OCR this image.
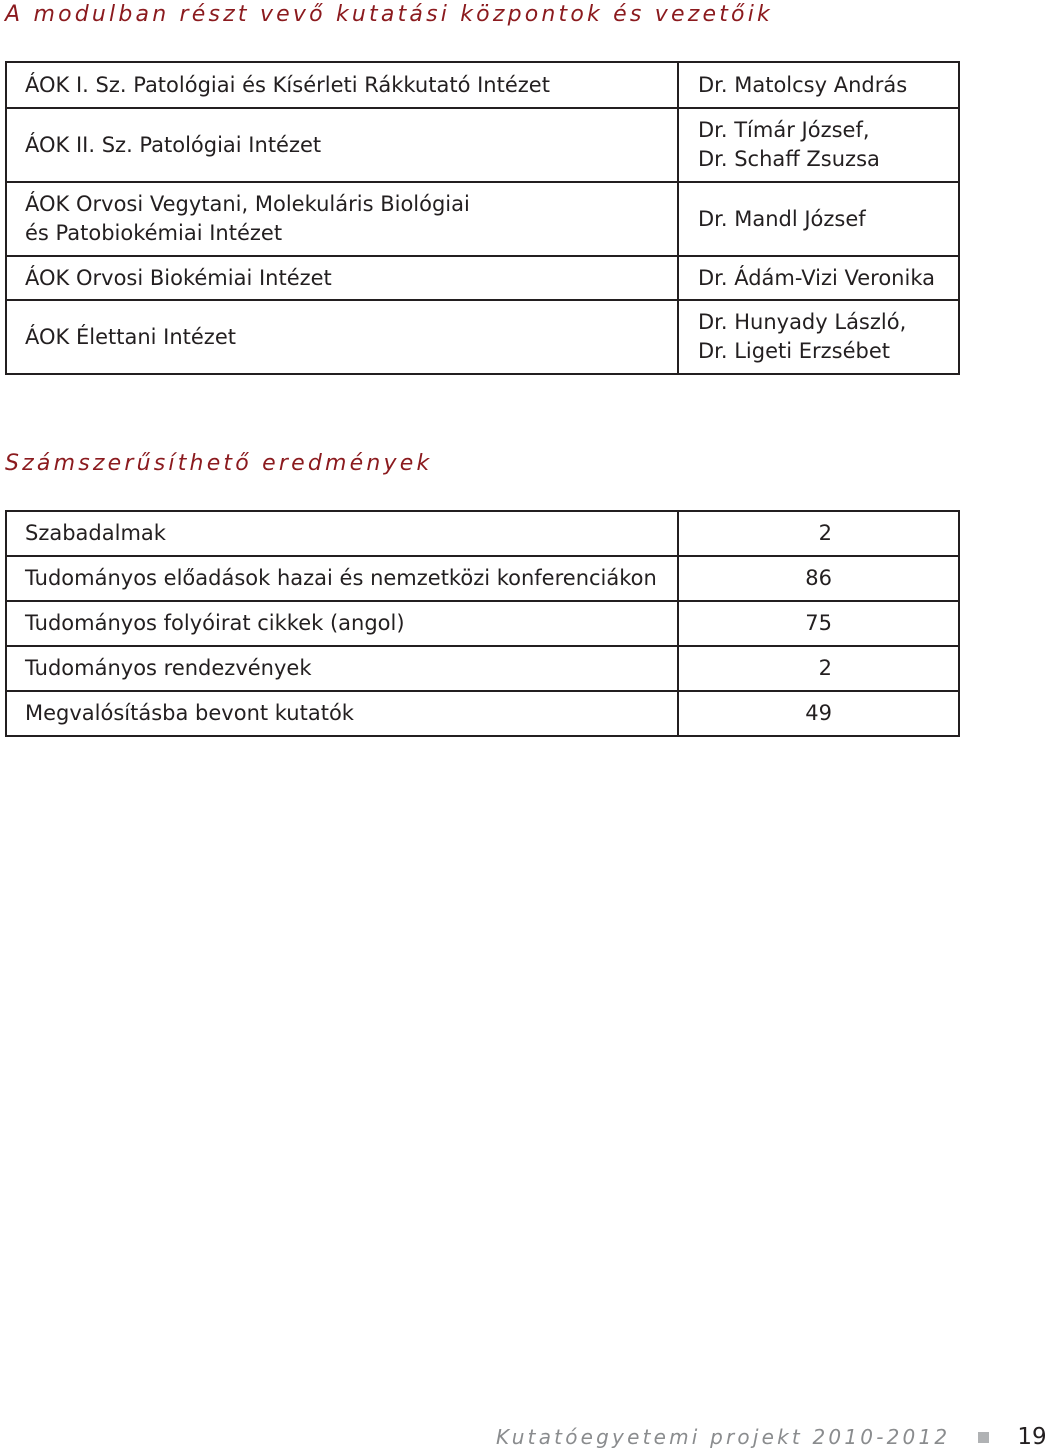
A modulban részt vevő kutatási központok és vezetőik
ÁOK I. Sz. Patológiai és Kísérleti Rákkutató Intézet	Dr. Matolcsy András

ÁOK II. Sz. Patológiai Intézet	Dr. Tímár József,
Dr. Schaff Zsuzsa

ÁOK Orvosi Vegytani, Molekuláris Biológiai
és Patobiokémiai Intézet	Dr. Mandl József

ÁOK Orvosi Biokémiai Intézet	Dr. Ádám-Vizi Veronika

ÁOK Élettani Intézet	Dr. Hunyady László,
Dr. Ligeti Erzsébet
Számszerűsíthető eredmények
Szabadalmak	2
Tudományos előadások hazai és nemzetközi konferenciákon	86
Tudományos folyóirat cikkek (angol)	75
Tudományos rendezvények	2
Megvalósításba bevont kutatók	49
Kutatóegyetemi projekt 2010-2012	19
